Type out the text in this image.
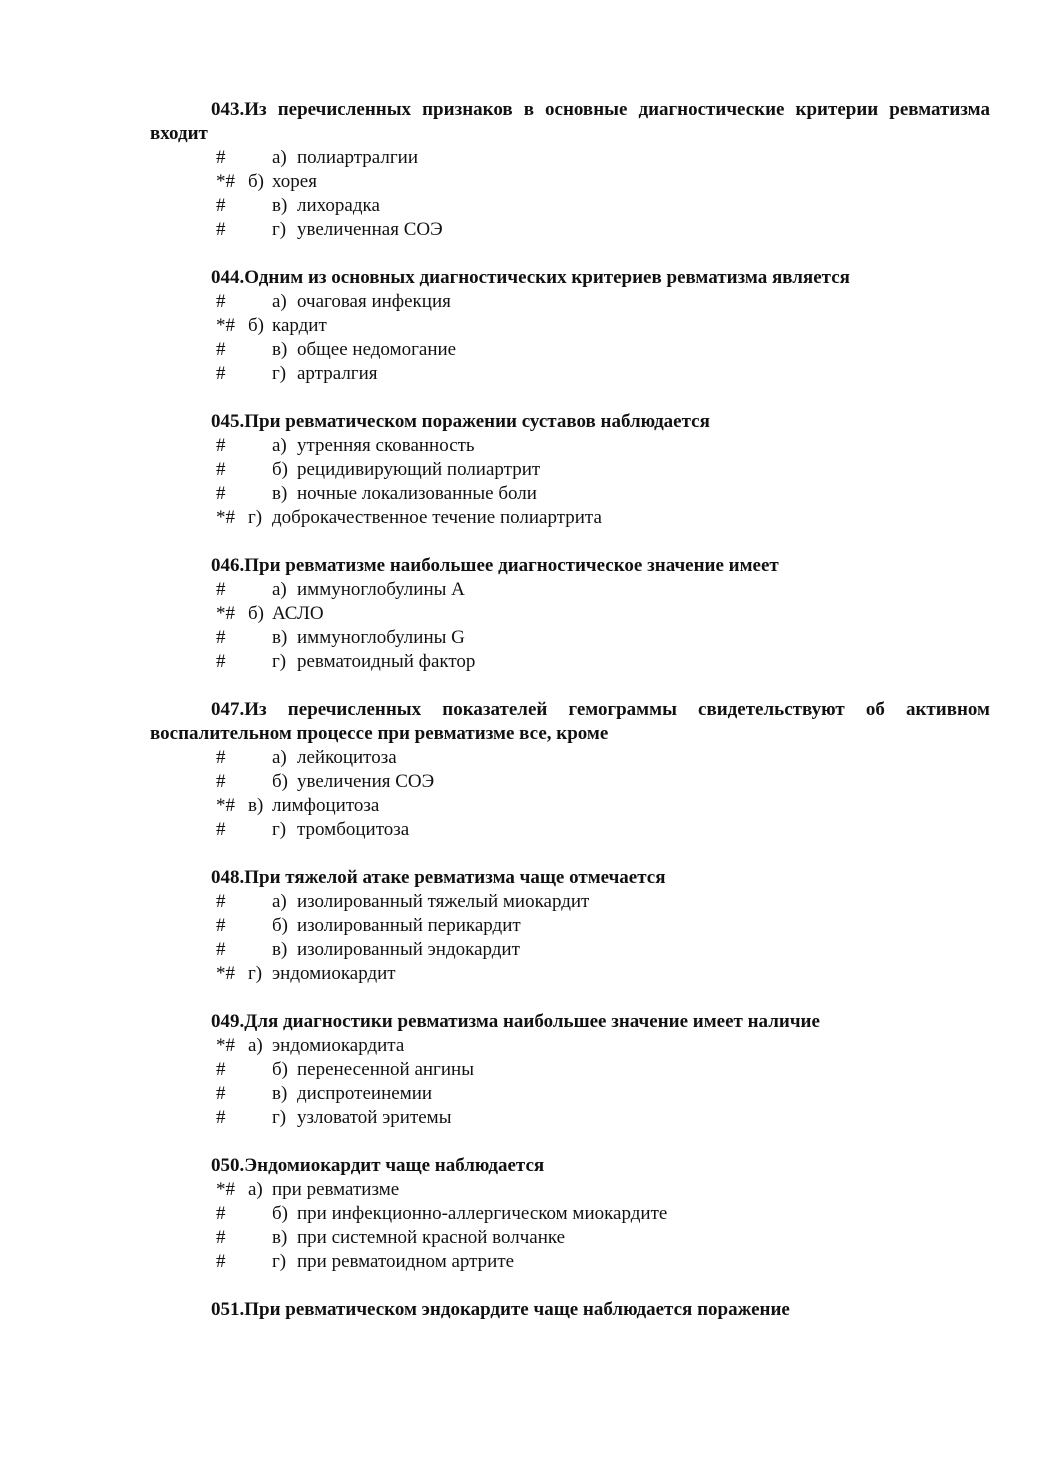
043.Из перечисленных признаков в основные диагностические критерии ревматизма входит

# а) полиартралгии
*# б) хорея
# в) лихорадка
# г) увеличенная СОЭ

044.Одним из основных диагностических критериев ревматизма является

# а) очаговая инфекция
*# б) кардит
# в) общее недомогание
# г) артралгия

045.При ревматическом поражении суставов наблюдается

# а) утренняя скованность
# б) рецидивирующий полиартрит
# в) ночные локализованные боли
*# г) доброкачественное течение полиартрита

046.При ревматизме наибольшее диагностическое значение имеет

# а) иммуноглобулины А
*# б) АСЛО
# в) иммуноглобулины G
# г) ревматоидный фактор

047.Из перечисленных показателей гемограммы свидетельствуют об активном воспалительном процессе при ревматизме все, кроме

# а) лейкоцитоза
# б) увеличения СОЭ
*# в) лимфоцитоза
# г) тромбоцитоза

048.При тяжелой атаке ревматизма чаще отмечается

# а) изолированный тяжелый миокардит
# б) изолированный перикардит
# в) изолированный эндокардит
*# г) эндомиокардит

049.Для диагностики ревматизма наибольшее значение имеет наличие

*# а) эндомиокардита
# б) перенесенной ангины
# в) диспротеинемии
# г) узловатой эритемы

050.Эндомиокардит чаще наблюдается

*# а) при ревматизме
# б) при инфекционно-аллергическом миокардите
# в) при системной красной волчанке
# г) при ревматоидном артрите

051.При ревматическом эндокардите чаще наблюдается поражение
